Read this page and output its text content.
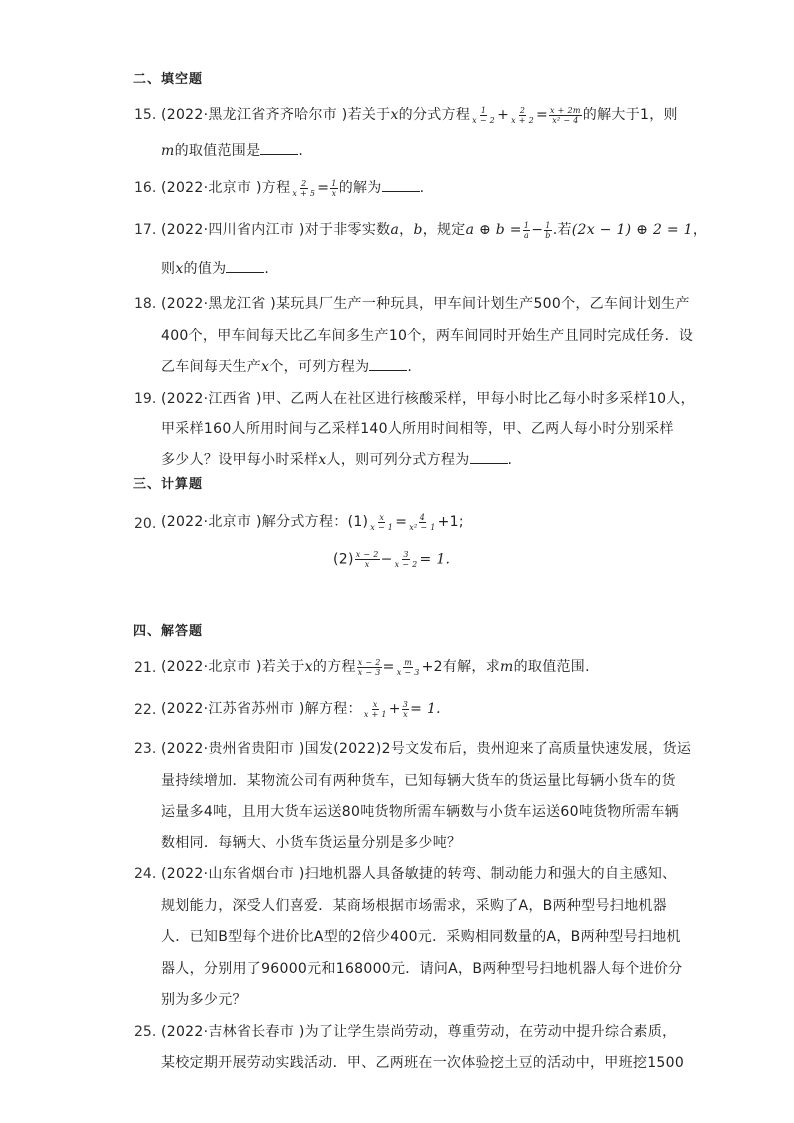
二、填空题
15. (2022·黑龙江省齐齐哈尔市 )若关于x的分式方程 $\frac{1}{x - 2} + \frac{2}{x + 2} = \frac{x + 2m}{\text{x² − 4}}$ 的解大于1，则
m的取值范围是	.
16. (2022·北京市 )方程 $\frac{2}{x + 5} = \frac{1}{x}$ 的解为	.
17. (2022·四川省内江市 )对于非零实数a，b，规定a ⊕ $b = \frac{1}{a} - \frac{1}{b}$ .若(2x − 1) ⊕ 2 = 1，
则x的值为	.
18. (2022·黑龙江省 )某玩具厂生产一种玩具，甲车间计划生产500个，乙车间计划生产
400个，甲车间每天比乙车间多生产10个，两车间同时开始生产且同时完成任务．设
乙车间每天生产x个，可列方程为	.
19. (2022·江西省 )甲、乙两人在社区进行核酸采样，甲每小时比乙每小时多采样10人，
甲采样160人所用时间与乙采样140人所用时间相等，甲、乙两人每小时分别采样
多少人？设甲每小时采样x人，则可列分式方程为	.
三、计算题
20. (2022·北京市 )解分式方程：$(1) \frac{x}{x - 1} = \frac{4}{\text{x² − 1}} +1$;
$(2) \frac{x - 2}{x} - \frac{3}{x - 2} = 1$.
四、解答题
21. (2022·北京市 )若关于x的方程 $\frac{x - 2}{x - 3} = \frac{m}{x - 3} +2$有解，求m的取值范围.
22. (2022·江苏省苏州市 )解方程： $\frac{x}{x + 1} + \frac{3}{x} = 1$.
23. (2022·贵州省贵阳市 )国发(2022)2号文发布后，贵州迎来了高质量快速发展，货运
量持续增加．某物流公司有两种货车，已知每辆大货车的货运量比每辆小货车的货
运量多4吨，且用大货车运送80吨货物所需车辆数与小货车运送60吨货物所需车辆
数相同．每辆大、小货车货运量分别是多少吨？
24. (2022·山东省烟台市 )扫地机器人具备敏捷的转弯、制动能力和强大的自主感知、
规划能力，深受人们喜爱．某商场根据市场需求，采购了A，B两种型号扫地机器
人．已知B型每个进价比A型的2倍少400元．采购相同数量的A，B两种型号扫地机
器人，分别用了96000元和168000元．请问A，B两种型号扫地机器人每个进价分
别为多少元？
25. (2022·吉林省长春市 )为了让学生崇尚劳动，尊重劳动，在劳动中提升综合素质，
某校定期开展劳动实践活动．甲、乙两班在一次体验挖土豆的活动中，甲班挖1500
